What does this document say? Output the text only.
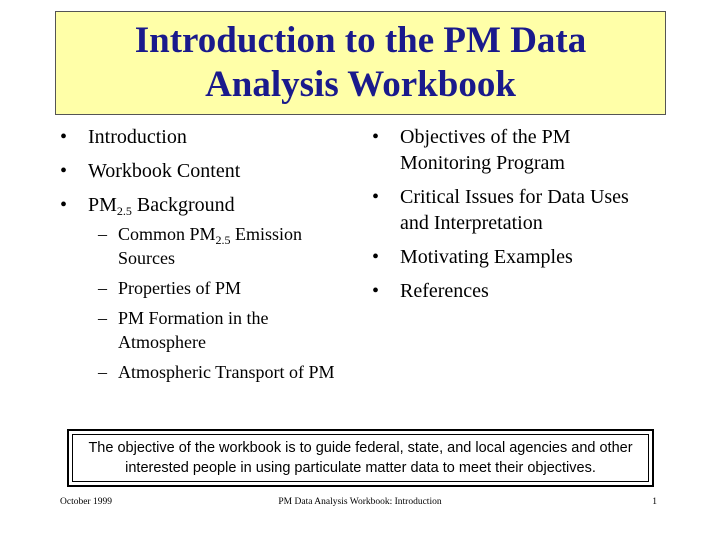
Introduction to the PM Data
Analysis Workbook
•	Introduction
•	Workbook Content
•	$PM_{2.5}$ Background
– Common $PM_{2.5}$ Emission Sources
– Properties of PM
– PM Formation in the Atmosphere
– Atmospheric Transport of PM
•	Objectives of the PM Monitoring Program
•	Critical Issues for Data Uses and Interpretation
•	Motivating Examples
•	References
The objective of the workbook is to guide federal, state, and local agencies and other interested people in using particulate matter data to meet their objectives.
PM Data Analysis Workbook: Introduction
October 1999	1
